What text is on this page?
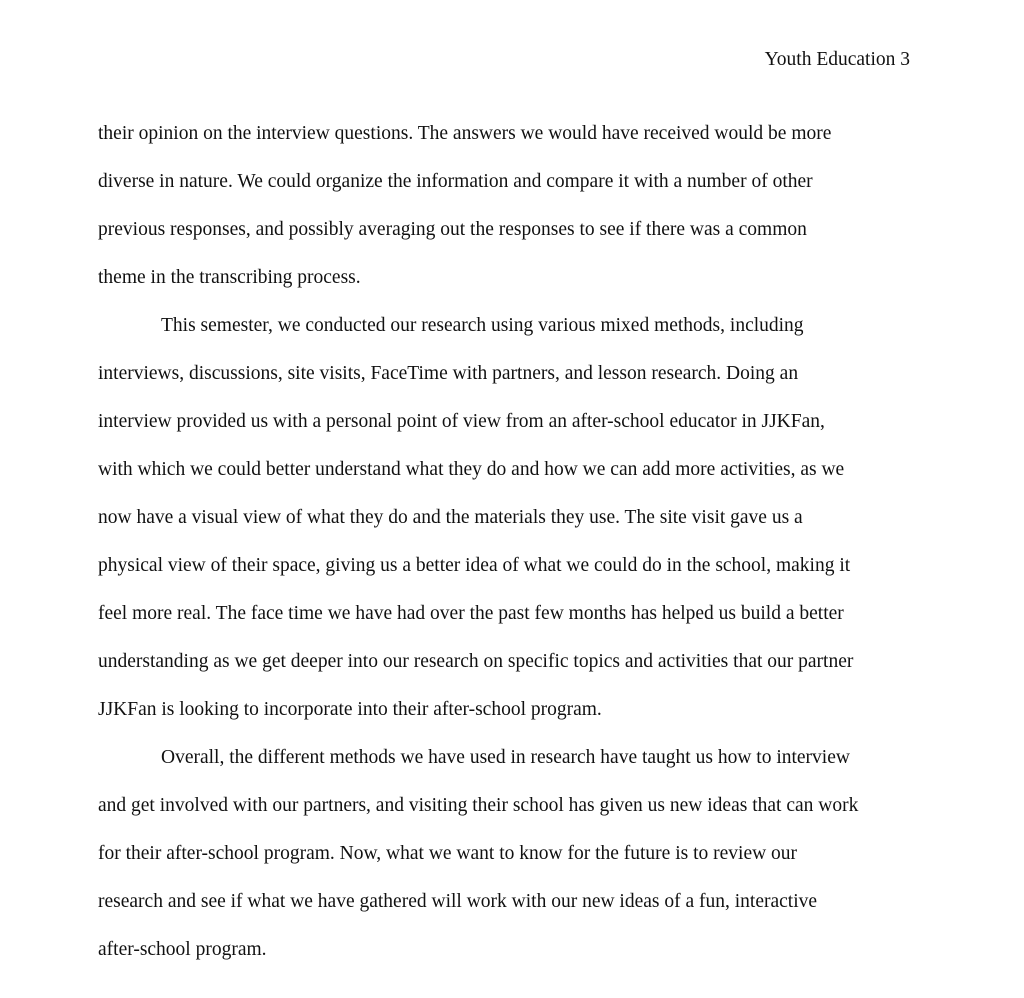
Youth Education 3
their opinion on the interview questions. The answers we would have received would be more
diverse in nature. We could organize the information and compare it with a number of other
previous responses, and possibly averaging out the responses to see if there was a common
theme in the transcribing process.
This semester, we conducted our research using various mixed methods, including
interviews, discussions, site visits, FaceTime with partners, and lesson research. Doing an
interview provided us with a personal point of view from an after-school educator in JJKFan,
with which we could better understand what they do and how we can add more activities, as we
now have a visual view of what they do and the materials they use. The site visit gave us a
physical view of their space, giving us a better idea of what we could do in the school, making it
feel more real. The face time we have had over the past few months has helped us build a better
understanding as we get deeper into our research on specific topics and activities that our partner
JJKFan is looking to incorporate into their after-school program.
Overall, the different methods we have used in research have taught us how to interview
and get involved with our partners, and visiting their school has given us new ideas that can work
for their after-school program. Now, what we want to know for the future is to review our
research and see if what we have gathered will work with our new ideas of a fun, interactive
after-school program.
